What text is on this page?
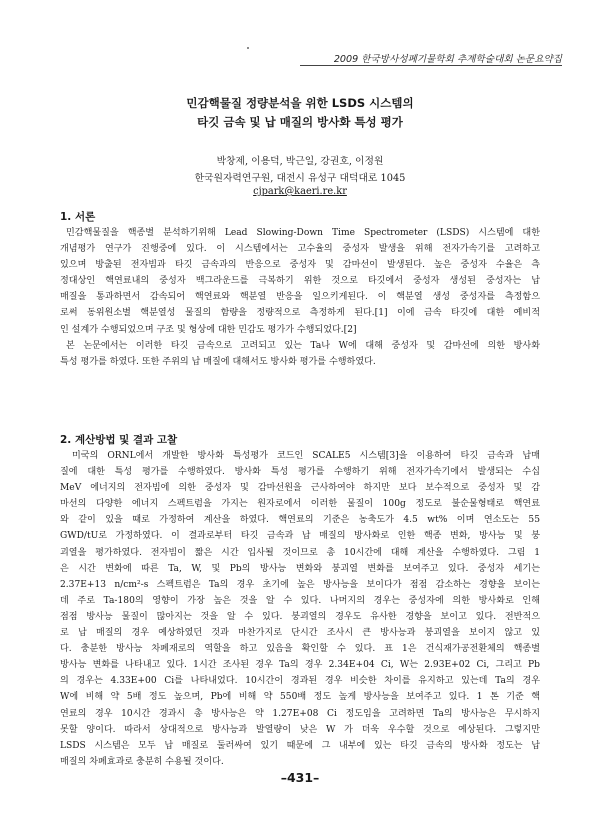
2009 한국방사성폐기물학회 추계학술대회 논문요약집
민감핵물질 정량분석을 위한 LSDS 시스템의
타깃 금속 및 납 매질의 방사화 특성 평가
박창제, 이용덕, 박근일, 강권호, 이정원
한국원자력연구원, 대전시 유성구 대덕대로 1045
cjpark@kaeri.re.kr
1. 서론
민감핵물질을 핵종별 분석하기위해 Lead Slowing-Down Time Spectrometer (LSDS) 시스템에 대한
개념평가 연구가 진행중에 있다. 이 시스템에서는 고수율의 중성자 발생을 위해 전자가속기를 고려하고
있으며 방출된 전자빔과 타깃 금속과의 반응으로 중성자 및 감마선이 발생된다. 높은 중성자 수율은 측
정대상인 핵연료내의 중성자 백그라운드를 극복하기 위한 것으로 타깃에서 중성자 생성된 중성자는 납
매질을 통과하면서 감속되어 핵연료와 핵분열 반응을 일으키게된다. 이 핵분열 생성 중성자를 측정함으
로써 동위원소별 핵분열성 물질의 함량을 정량적으로 측정하게 된다.[1] 이에 금속 타깃에 대한 예비적
인 설계가 수행되었으며 구조 및 형상에 대한 민감도 평가가 수행되었다.[2]
본 논문에서는 이러한 타깃 금속으로 고려되고 있는 Ta나 W에 대해 중성자 및 감마선에 의한 방사화
특성 평가를 하였다. 또한 주위의 납 매질에 대해서도 방사화 평가를 수행하였다.
2. 계산방법 및 결과 고찰
미국의 ORNL에서 개발한 방사화 특성평가 코드인 SCALE5 시스템[3]을 이용하여 타깃 금속과 납매
질에 대한 특성 평가를 수행하였다. 방사화 특성 평가를 수행하기 위해 전자가속기에서 발생되는 수십
MeV 에너지의 전자빔에 의한 중성자 및 감마선원을 근사하여야 하지만 보다 보수적으로 중성자 및 감
마선의 다양한 에너지 스펙트럼을 가지는 원자로에서 이러한 물질이 100g 정도로 불순물형태로 핵연료
와 같이 있을 때로 가정하여 계산을 하였다. 핵연료의 기준은 농축도가 4.5 wt% 이며 연소도는 55
GWD/tU로 가정하였다. 이 결과로부터 타깃 금속과 납 매질의 방사화로 인한 핵종 변화, 방사능 및 붕
괴열을 평가하였다. 전자빔이 짧은 시간 입사될 것이므로 총 10시간에 대해 계산을 수행하였다. 그림 1
은 시간 변화에 따른 Ta, W, 및 Pb의 방사능 변화와 붕괴열 변화를 보여주고 있다. 중성자 세기는
2.37E+13 n/cm²-s 스펙트럼은 Ta의 경우 초기에 높은 방사능을 보이다가 점점 감소하는 경향을 보이는
데 주로 Ta-180의 영향이 가장 높은 것을 알 수 있다. 나머지의 경우는 중성자에 의한 방사화로 인해
점점 방사능 물질이 많아지는 것을 알 수 있다. 붕괴열의 경우도 유사한 경향을 보이고 있다. 전반적으
로 납 매질의 경우 예상하였던 것과 마찬가지로 단시간 조사시 큰 방사능과 붕괴열을 보이지 않고 있
다. 충분한 방사능 차폐재로의 역할을 하고 있음을 확인할 수 있다. 표 1은 건식재가공전환체의 핵종별
방사능 변화를 나타내고 있다. 1시간 조사된 경우 Ta의 경우 2.34E+04 Ci, W는 2.93E+02 Ci, 그리고 Pb
의 경우는 4.33E+00 Ci를 나타내었다. 10시간이 경과된 경우 비슷한 차이를 유지하고 있는데 Ta의 경우
W에 비해 약 5배 정도 높으며, Pb에 비해 약 550배 정도 높게 방사능을 보여주고 있다. 1 톤 기준 핵
연료의 경우 10시간 경과시 총 방사능은 약 1.27E+08 Ci 정도임을 고려하면 Ta의 방사능은 무시하지
못할 양이다. 따라서 상대적으로 방사능과 발열량이 낮은 W 가 더욱 우수할 것으로 예상된다. 그렇지만
LSDS 시스템은 모두 납 매질로 둘러싸여 있기 때문에 그 내부에 있는 타깃 금속의 방사화 정도는 납
매질의 차폐효과로 충분히 수용될 것이다.
–431–
